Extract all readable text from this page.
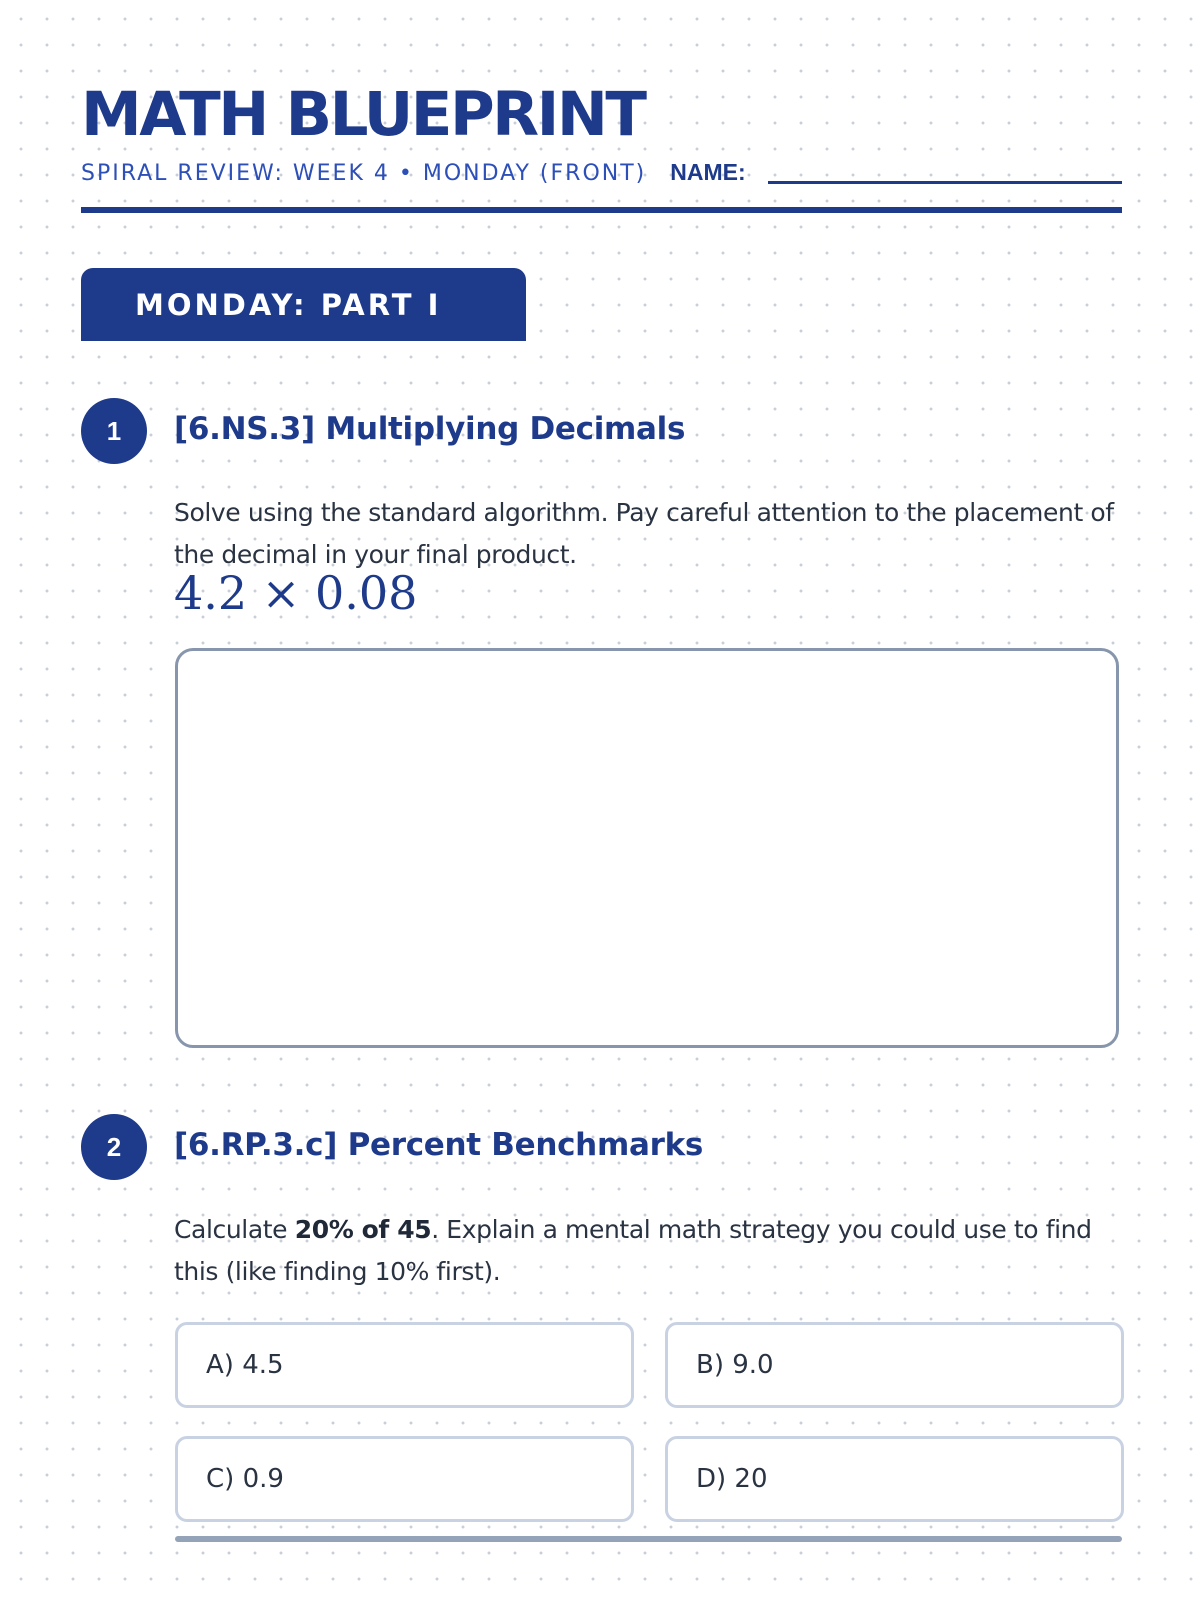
MATH BLUEPRINT
SPIRAL REVIEW: WEEK 4 • MONDAY (FRONT) NAME:
MONDAY: PART I
1	[6.NS.3] Multiplying Decimals
Solve using the standard algorithm. Pay careful attention to the placement of the decimal in your final product.
4.2 × 0.08
2	[6.RP.3.c] Percent Benchmarks
Calculate 20% of 45. Explain a mental math strategy you could use to find this (like finding 10% first).
A) 4.5	B) 9.0
C) 0.9	D) 20
